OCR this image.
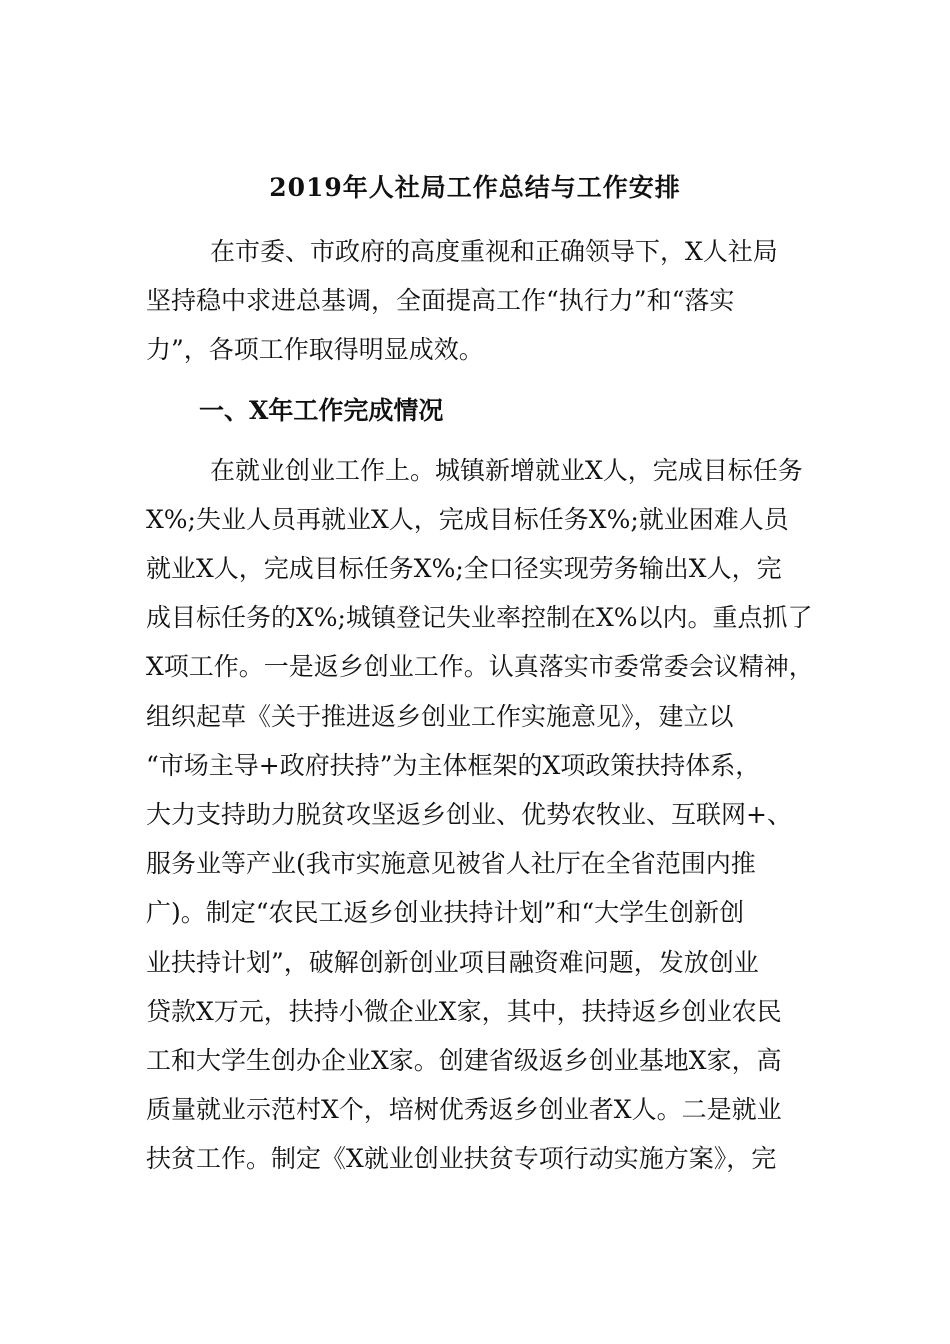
2019年人社局工作总结与工作安排
在市委、市政府的高度重视和正确领导下，X人社局
坚持稳中求进总基调，全面提高工作“执行力”和“落实
力”，各项工作取得明显成效。
一、X年工作完成情况
在就业创业工作上。城镇新增就业X人，完成目标任务
X%;失业人员再就业X人，完成目标任务X%;就业困难人员
就业X人，完成目标任务X%;全口径实现劳务输出X人，完
成目标任务的X%;城镇登记失业率控制在X%以内。重点抓了
X项工作。一是返乡创业工作。认真落实市委常委会议精神，
组织起草《关于推进返乡创业工作实施意见》，建立以
“市场主导+政府扶持”为主体框架的X项政策扶持体系，
大力支持助力脱贫攻坚返乡创业、优势农牧业、互联网+、
服务业等产业(我市实施意见被省人社厅在全省范围内推
广)。制定“农民工返乡创业扶持计划”和“大学生创新创
业扶持计划”，破解创新创业项目融资难问题，发放创业
贷款X万元，扶持小微企业X家，其中，扶持返乡创业农民
工和大学生创办企业X家。创建省级返乡创业基地X家，高
质量就业示范村X个，培树优秀返乡创业者X人。二是就业
扶贫工作。制定《X就业创业扶贫专项行动实施方案》，完
